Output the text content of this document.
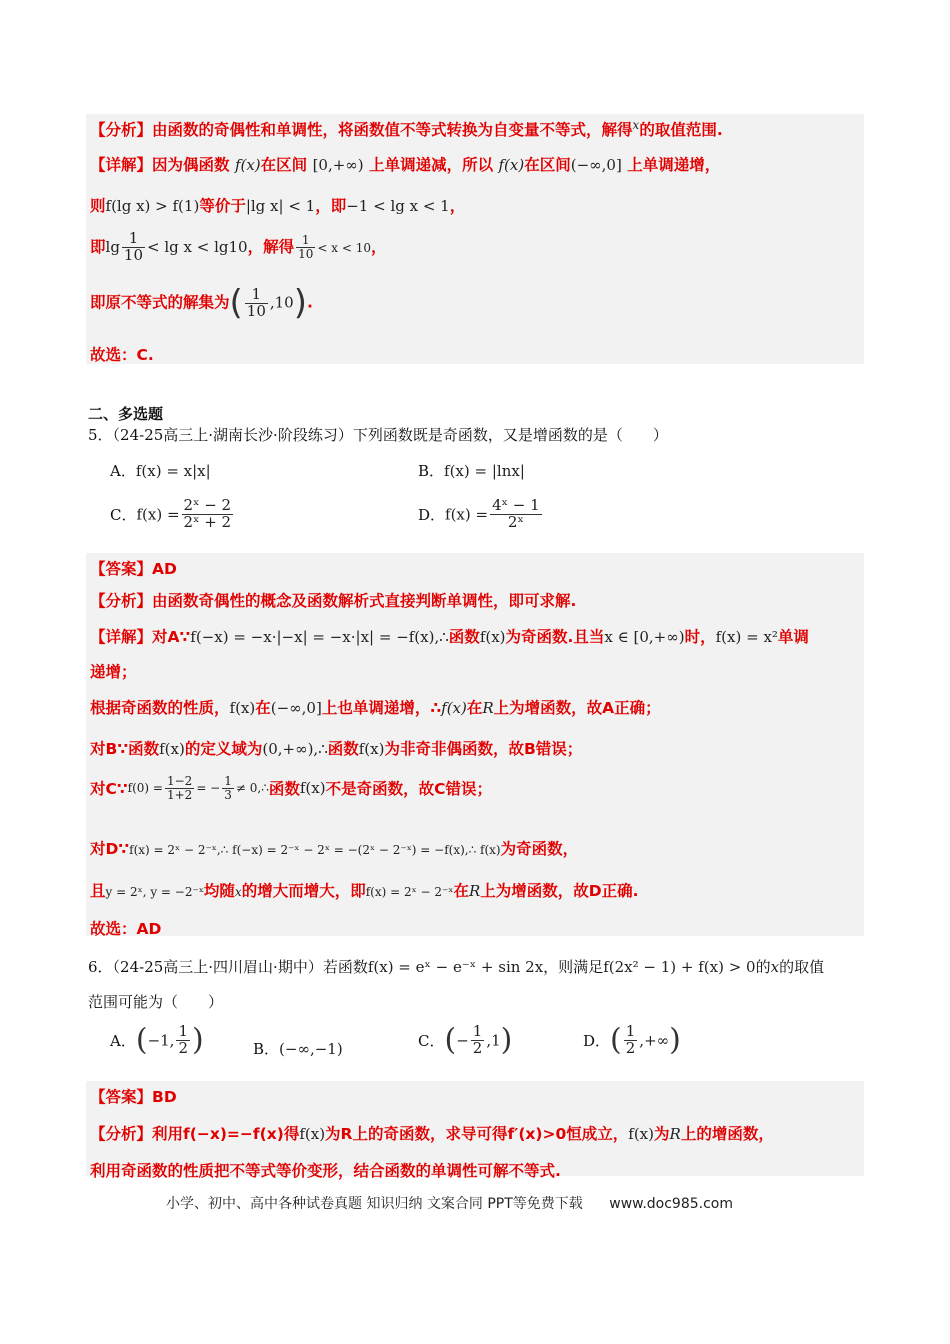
【分析】由函数的奇偶性和单调性，将函数值不等式转换为自变量不等式，解得$^x$的取值范围.
【详解】因为偶函数 f(x)在区间 [0,+∞) 上单调递减，所以 f(x)在区间(−∞,0] 上单调递增，
则f(lg x) > f(1)等价于|lg x| < 1，即−1 < lg x < 1，
即$\lg \frac{1}{10} < \lg x < \lg 10$，解得 $\frac{1}{10} < x < 10$，
即原不等式的解集为( $\frac{1}{10} ,10$).
故选：C.
二、多选题
5．（24-25高三上·湖南长沙·阶段练习）下列函数既是奇函数，又是增函数的是（　　）
A．f(x) = x|x|	B．f(x) = |lnx|
C．$f(x) = \frac{\text{2ˣ − 2}}{\text{2ˣ + 2}}$	D．$f(x) = \frac{\text{4ˣ − 1}}{\text{2ˣ}}$
【答案】AD
【分析】由函数奇偶性的概念及函数解析式直接判断单调性，即可求解.
【详解】对A∵f(−x) = −x·|−x| = −x·|x| = −f(x),∴函数f(x)为奇函数.且当x ∈ [0,+∞)时，f(x) = x²单调
递增；
根据奇函数的性质，f(x)在(−∞,0]上也单调递增，∴f(x)在R上为增函数，故A正确；
对B∵函数f(x)的定义域为(0,+∞),∴函数f(x)为非奇非偶函数，故B错误；
对C∵f(0) = $\frac{1-2}{1+2}$ = − $\frac{1}{3}$ ≠ 0,∴函数f(x)不是奇函数，故C错误；
对D∵f(x) = 2ˣ − 2⁻ˣ,∴ f(−x) = 2⁻ˣ − 2ˣ = −(2ˣ − 2⁻ˣ) = −f(x),∴ f(x)为奇函数，
且y = 2ˣ, y = −2⁻ˣ均随x的增大而增大，即f(x) = 2ˣ − 2⁻ˣ在R上为增函数，故D正确.
故选：AD
6．（24-25高三上·四川眉山·期中）若函数f(x) = eˣ − e⁻ˣ + sin 2x，则满足f(2x² − 1) + f(x) > 0的x的取值
范围可能为（　　）
A．(−1, $\frac{1}{2}$ )	B．(−∞,−1)	C．(− $\frac{1}{2} ,1$)	D．( $\frac{1}{2}$ ,+∞)
【答案】BD
【分析】利用f(−x)=−f(x)得f(x)为R上的奇函数，求导可得f′(x)>0恒成立，f(x)为R上的增函数，
利用奇函数的性质把不等式等价变形，结合函数的单调性可解不等式.
小学、初中、高中各种试卷真题 知识归纳 文案合同 PPT等免费下载 www.doc985.com
